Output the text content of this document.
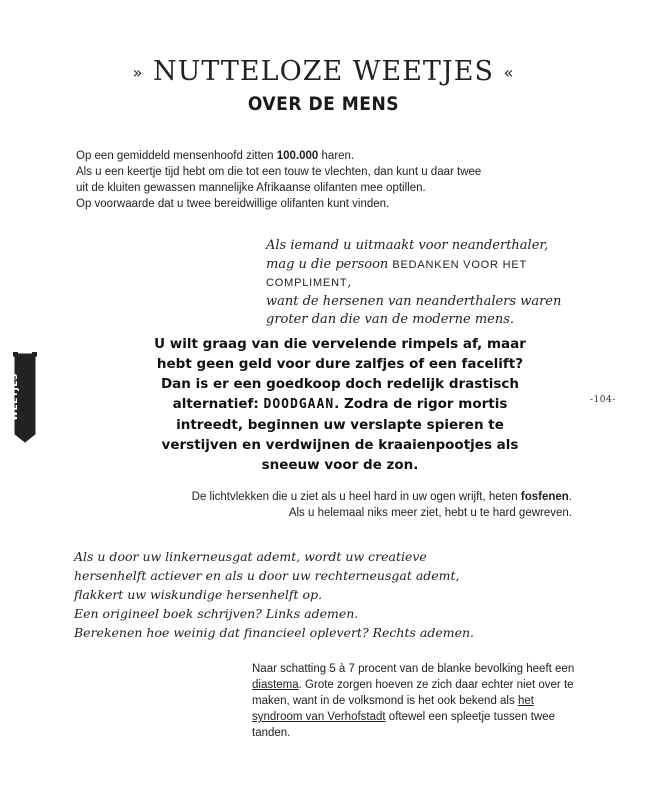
» NUTTELOZE WEETJES «
OVER DE MENS
Op een gemiddeld mensenhoofd zitten 100.000 haren.
Als u een keertje tijd hebt om die tot een touw te vlechten, dan kunt u daar twee uit de kluiten gewassen mannelijke Afrikaanse olifanten mee optillen.
Op voorwaarde dat u twee bereidwillige olifanten kunt vinden.
Als iemand u uitmaakt voor neanderthaler,
mag u die persoon BEDANKEN VOOR HET COMPLIMENT,
want de hersenen van neanderthalers waren groter dan die van de moderne mens.
U wilt graag van die vervelende rimpels af, maar hebt geen geld voor dure zalfjes of een facelift? Dan is er een goedkoop doch redelijk drastisch alternatief: DOODGAAN. Zodra de rigor mortis intreedt, beginnen uw verslapte spieren te verstijven en verdwijnen de kraaienpootjes als sneeuw voor de zon.
De lichtvlekken die u ziet als u heel hard in uw ogen wrijft, heten fosfenen.
Als u helemaal niks meer ziet, hebt u te hard gewreven.
Als u door uw linkerneusgat ademt, wordt uw creatieve hersenhelft actiever en als u door uw rechterneusgat ademt, flakkert uw wiskundige hersenhelft op.
Een origineel boek schrijven? Links ademen.
Berekenen hoe weinig dat financieel oplevert? Rechts ademen.
Naar schatting 5 à 7 procent van de blanke bevolking heeft een diastema. Grote zorgen hoeven ze zich daar echter niet over te maken, want in de volksmond is het ook bekend als het syndroom van Verhofstadt oftewel een spleetje tussen twee tanden.
WEETJES	-104-
